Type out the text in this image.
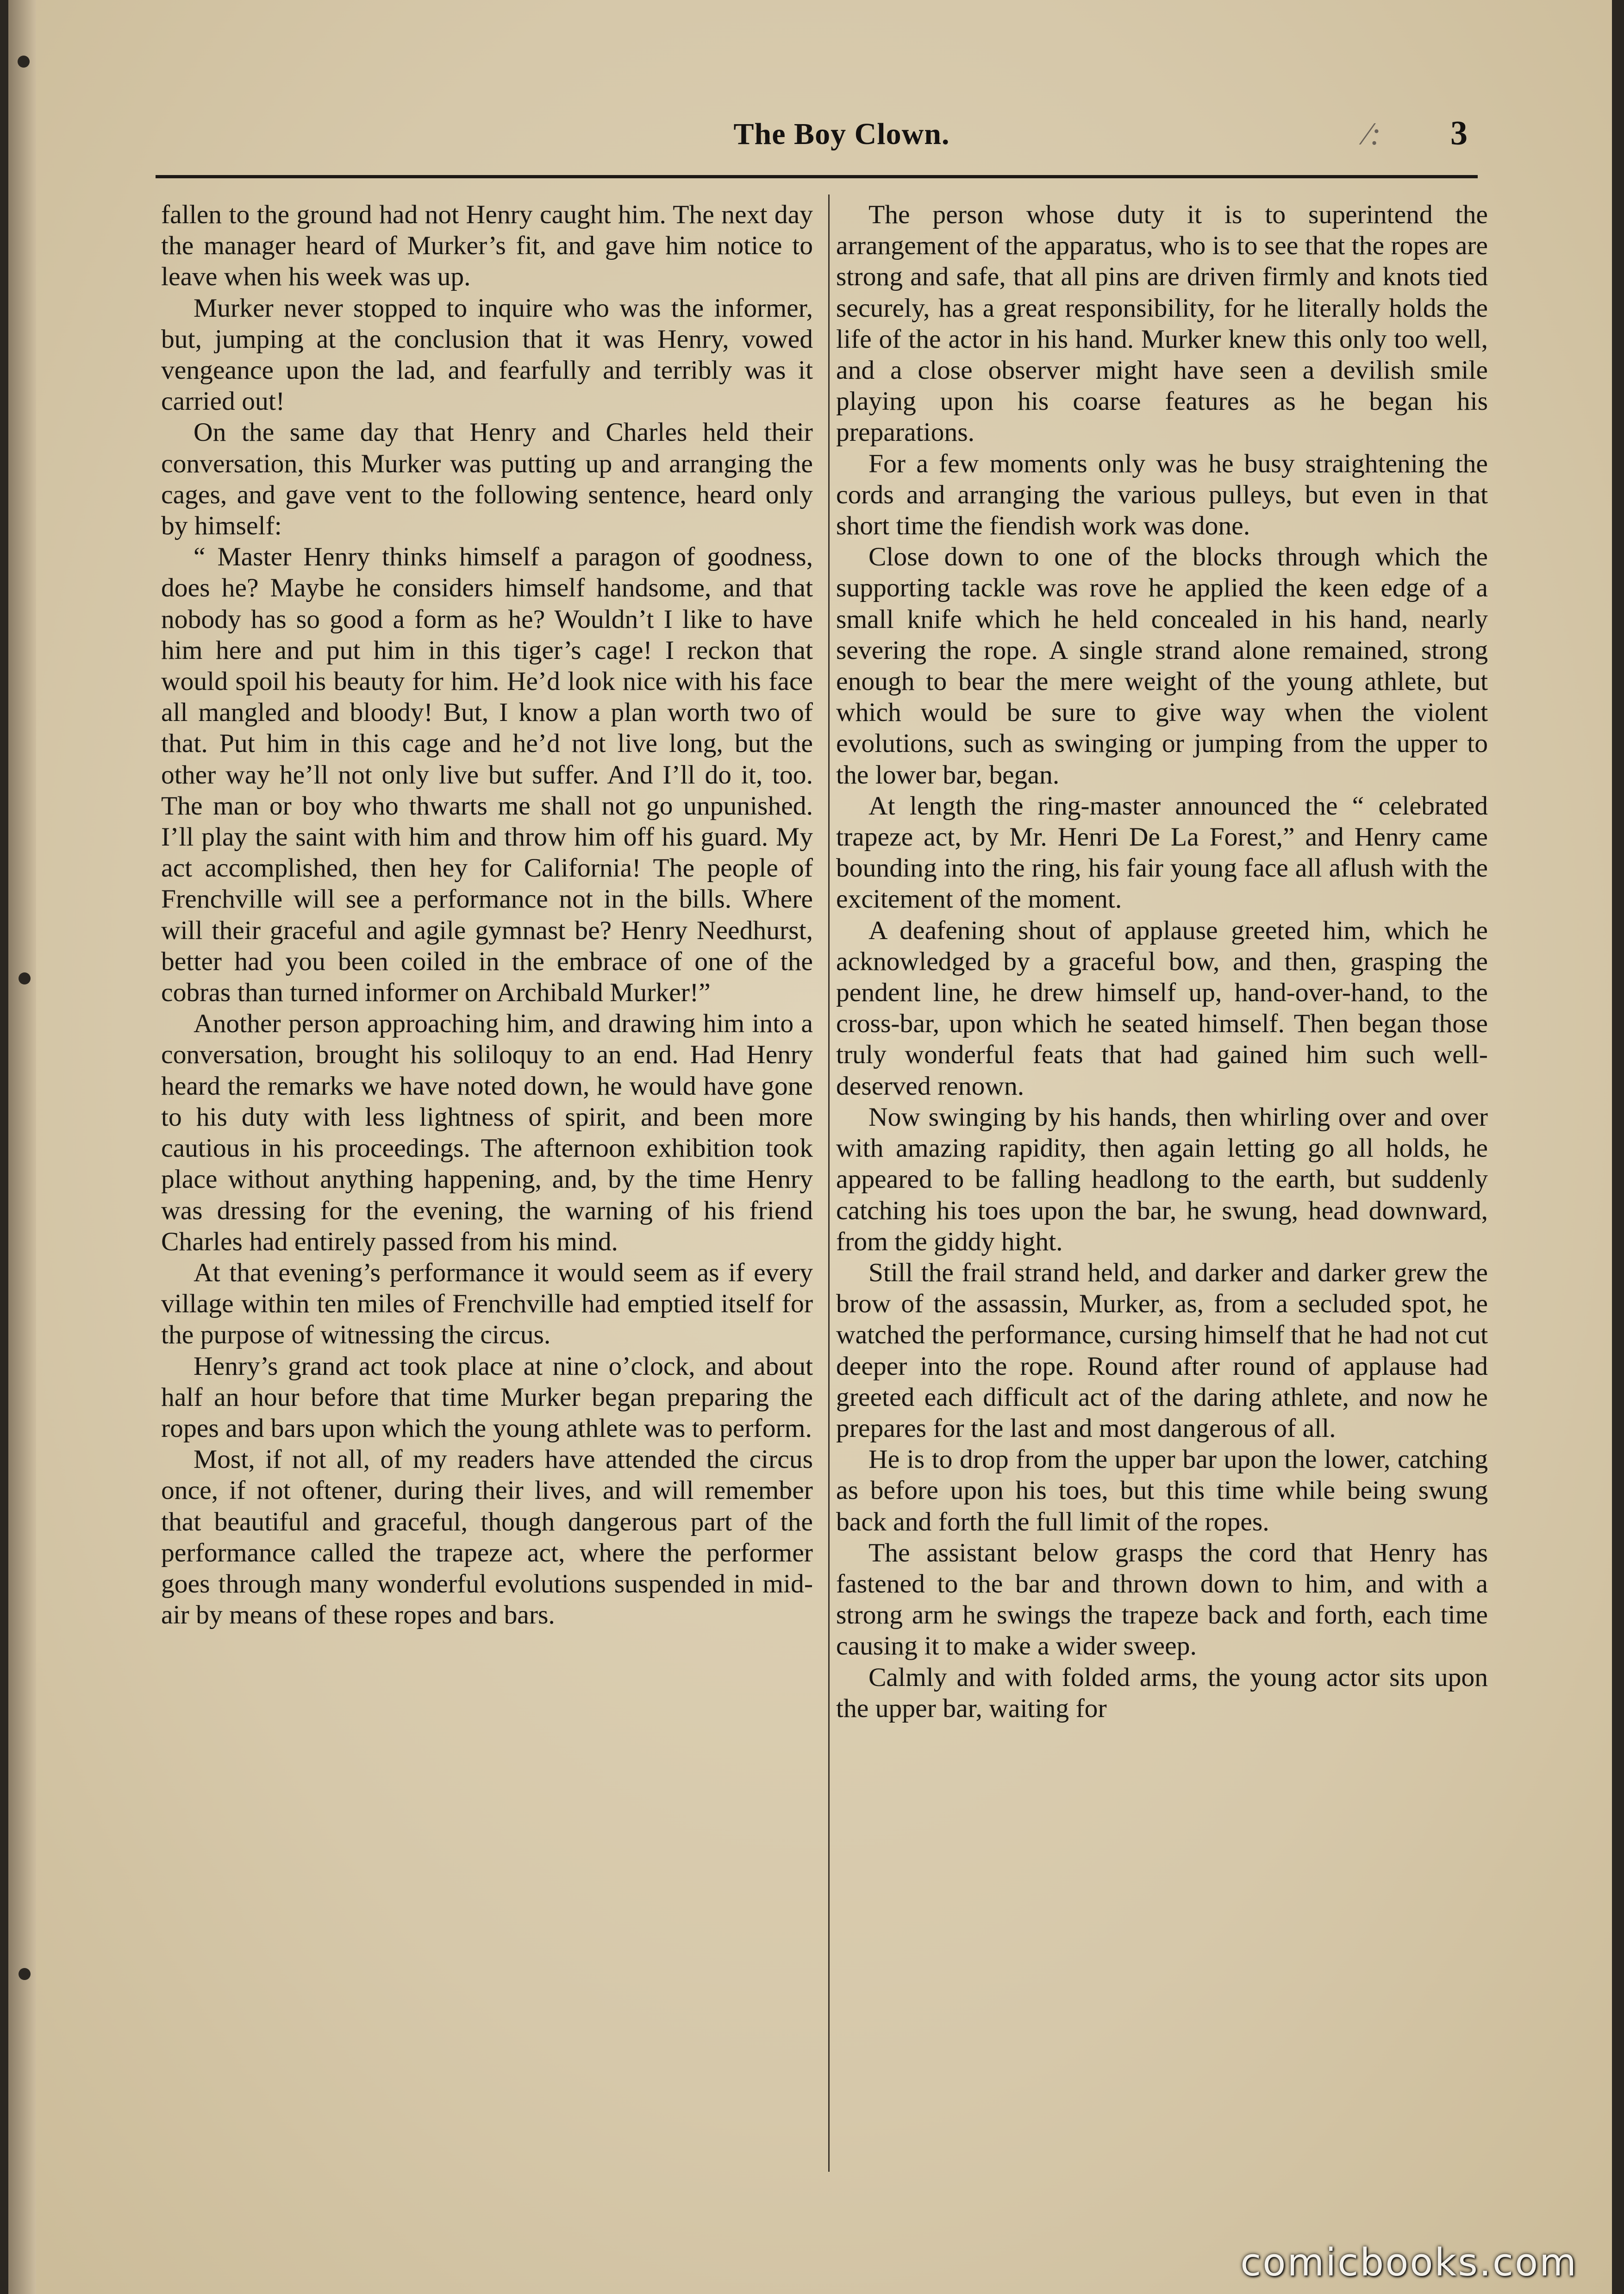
The Boy Clown.	∕: 3

fallen to the ground had not Henry caught him. The next day the manager heard of Murker’s fit, and gave him notice to leave when his week was up.

Murker never stopped to inquire who was the informer, but, jumping at the conclusion that it was Henry, vowed vengeance upon the lad, and fearfully and terribly was it carried out!

On the same day that Henry and Charles held their conversation, this Murker was putting up and arranging the cages, and gave vent to the following sentence, heard only by himself:

“ Master Henry thinks himself a paragon of goodness, does he? Maybe he considers himself handsome, and that nobody has so good a form as he? Wouldn’t I like to have him here and put him in this tiger’s cage! I reckon that would spoil his beauty for him. He’d look nice with his face all mangled and bloody! But, I know a plan worth two of that. Put him in this cage and he’d not live long, but the other way he’ll not only live but suffer. And I’ll do it, too. The man or boy who thwarts me shall not go unpunished. I’ll play the saint with him and throw him off his guard. My act accomplished, then hey for California! The people of Frenchville will see a performance not in the bills. Where will their graceful and agile gymnast be? Henry Needhurst, better had you been coiled in the embrace of one of the cobras than turned informer on Archibald Murker!”

Another person approaching him, and drawing him into a conversation, brought his soliloquy to an end. Had Henry heard the remarks we have noted down, he would have gone to his duty with less lightness of spirit, and been more cautious in his proceedings. The afternoon exhibition took place without anything happening, and, by the time Henry was dressing for the evening, the warning of his friend Charles had entirely passed from his mind.

At that evening’s performance it would seem as if every village within ten miles of Frenchville had emptied itself for the purpose of witnessing the circus.

Henry’s grand act took place at nine o’clock, and about half an hour before that time Murker began preparing the ropes and bars upon which the young athlete was to perform.

Most, if not all, of my readers have attended the circus once, if not oftener, during their lives, and will remember that beautiful and graceful, though dangerous part of the performance called the trapeze act, where the performer goes through many wonderful evolutions suspended in mid-air by means of these ropes and bars.

The person whose duty it is to superintend the arrangement of the apparatus, who is to see that the ropes are strong and safe, that all pins are driven firmly and knots tied securely, has a great responsibility, for he literally holds the life of the actor in his hand. Murker knew this only too well, and a close observer might have seen a devilish smile playing upon his coarse features as he began his preparations.

For a few moments only was he busy straightening the cords and arranging the various pulleys, but even in that short time the fiendish work was done.

Close down to one of the blocks through which the supporting tackle was rove he applied the keen edge of a small knife which he held concealed in his hand, nearly severing the rope. A single strand alone remained, strong enough to bear the mere weight of the young athlete, but which would be sure to give way when the violent evolutions, such as swinging or jumping from the upper to the lower bar, began.

At length the ring-master announced the “ celebrated trapeze act, by Mr. Henri De La Forest,” and Henry came bounding into the ring, his fair young face all aflush with the excitement of the moment.

A deafening shout of applause greeted him, which he acknowledged by a graceful bow, and then, grasping the pendent line, he drew himself up, hand-over-hand, to the cross-bar, upon which he seated himself. Then began those truly wonderful feats that had gained him such well-deserved renown.

Now swinging by his hands, then whirling over and over with amazing rapidity, then again letting go all holds, he appeared to be falling headlong to the earth, but suddenly catching his toes upon the bar, he swung, head downward, from the giddy hight.

Still the frail strand held, and darker and darker grew the brow of the assassin, Murker, as, from a secluded spot, he watched the performance, cursing himself that he had not cut deeper into the rope. Round after round of applause had greeted each difficult act of the daring athlete, and now he prepares for the last and most dangerous of all.

He is to drop from the upper bar upon the lower, catching as before upon his toes, but this time while being swung back and forth the full limit of the ropes.

The assistant below grasps the cord that Henry has fastened to the bar and thrown down to him, and with a strong arm he swings the trapeze back and forth, each time causing it to make a wider sweep.

Calmly and with folded arms, the young actor sits upon the upper bar, waiting for

comicbooks.com
